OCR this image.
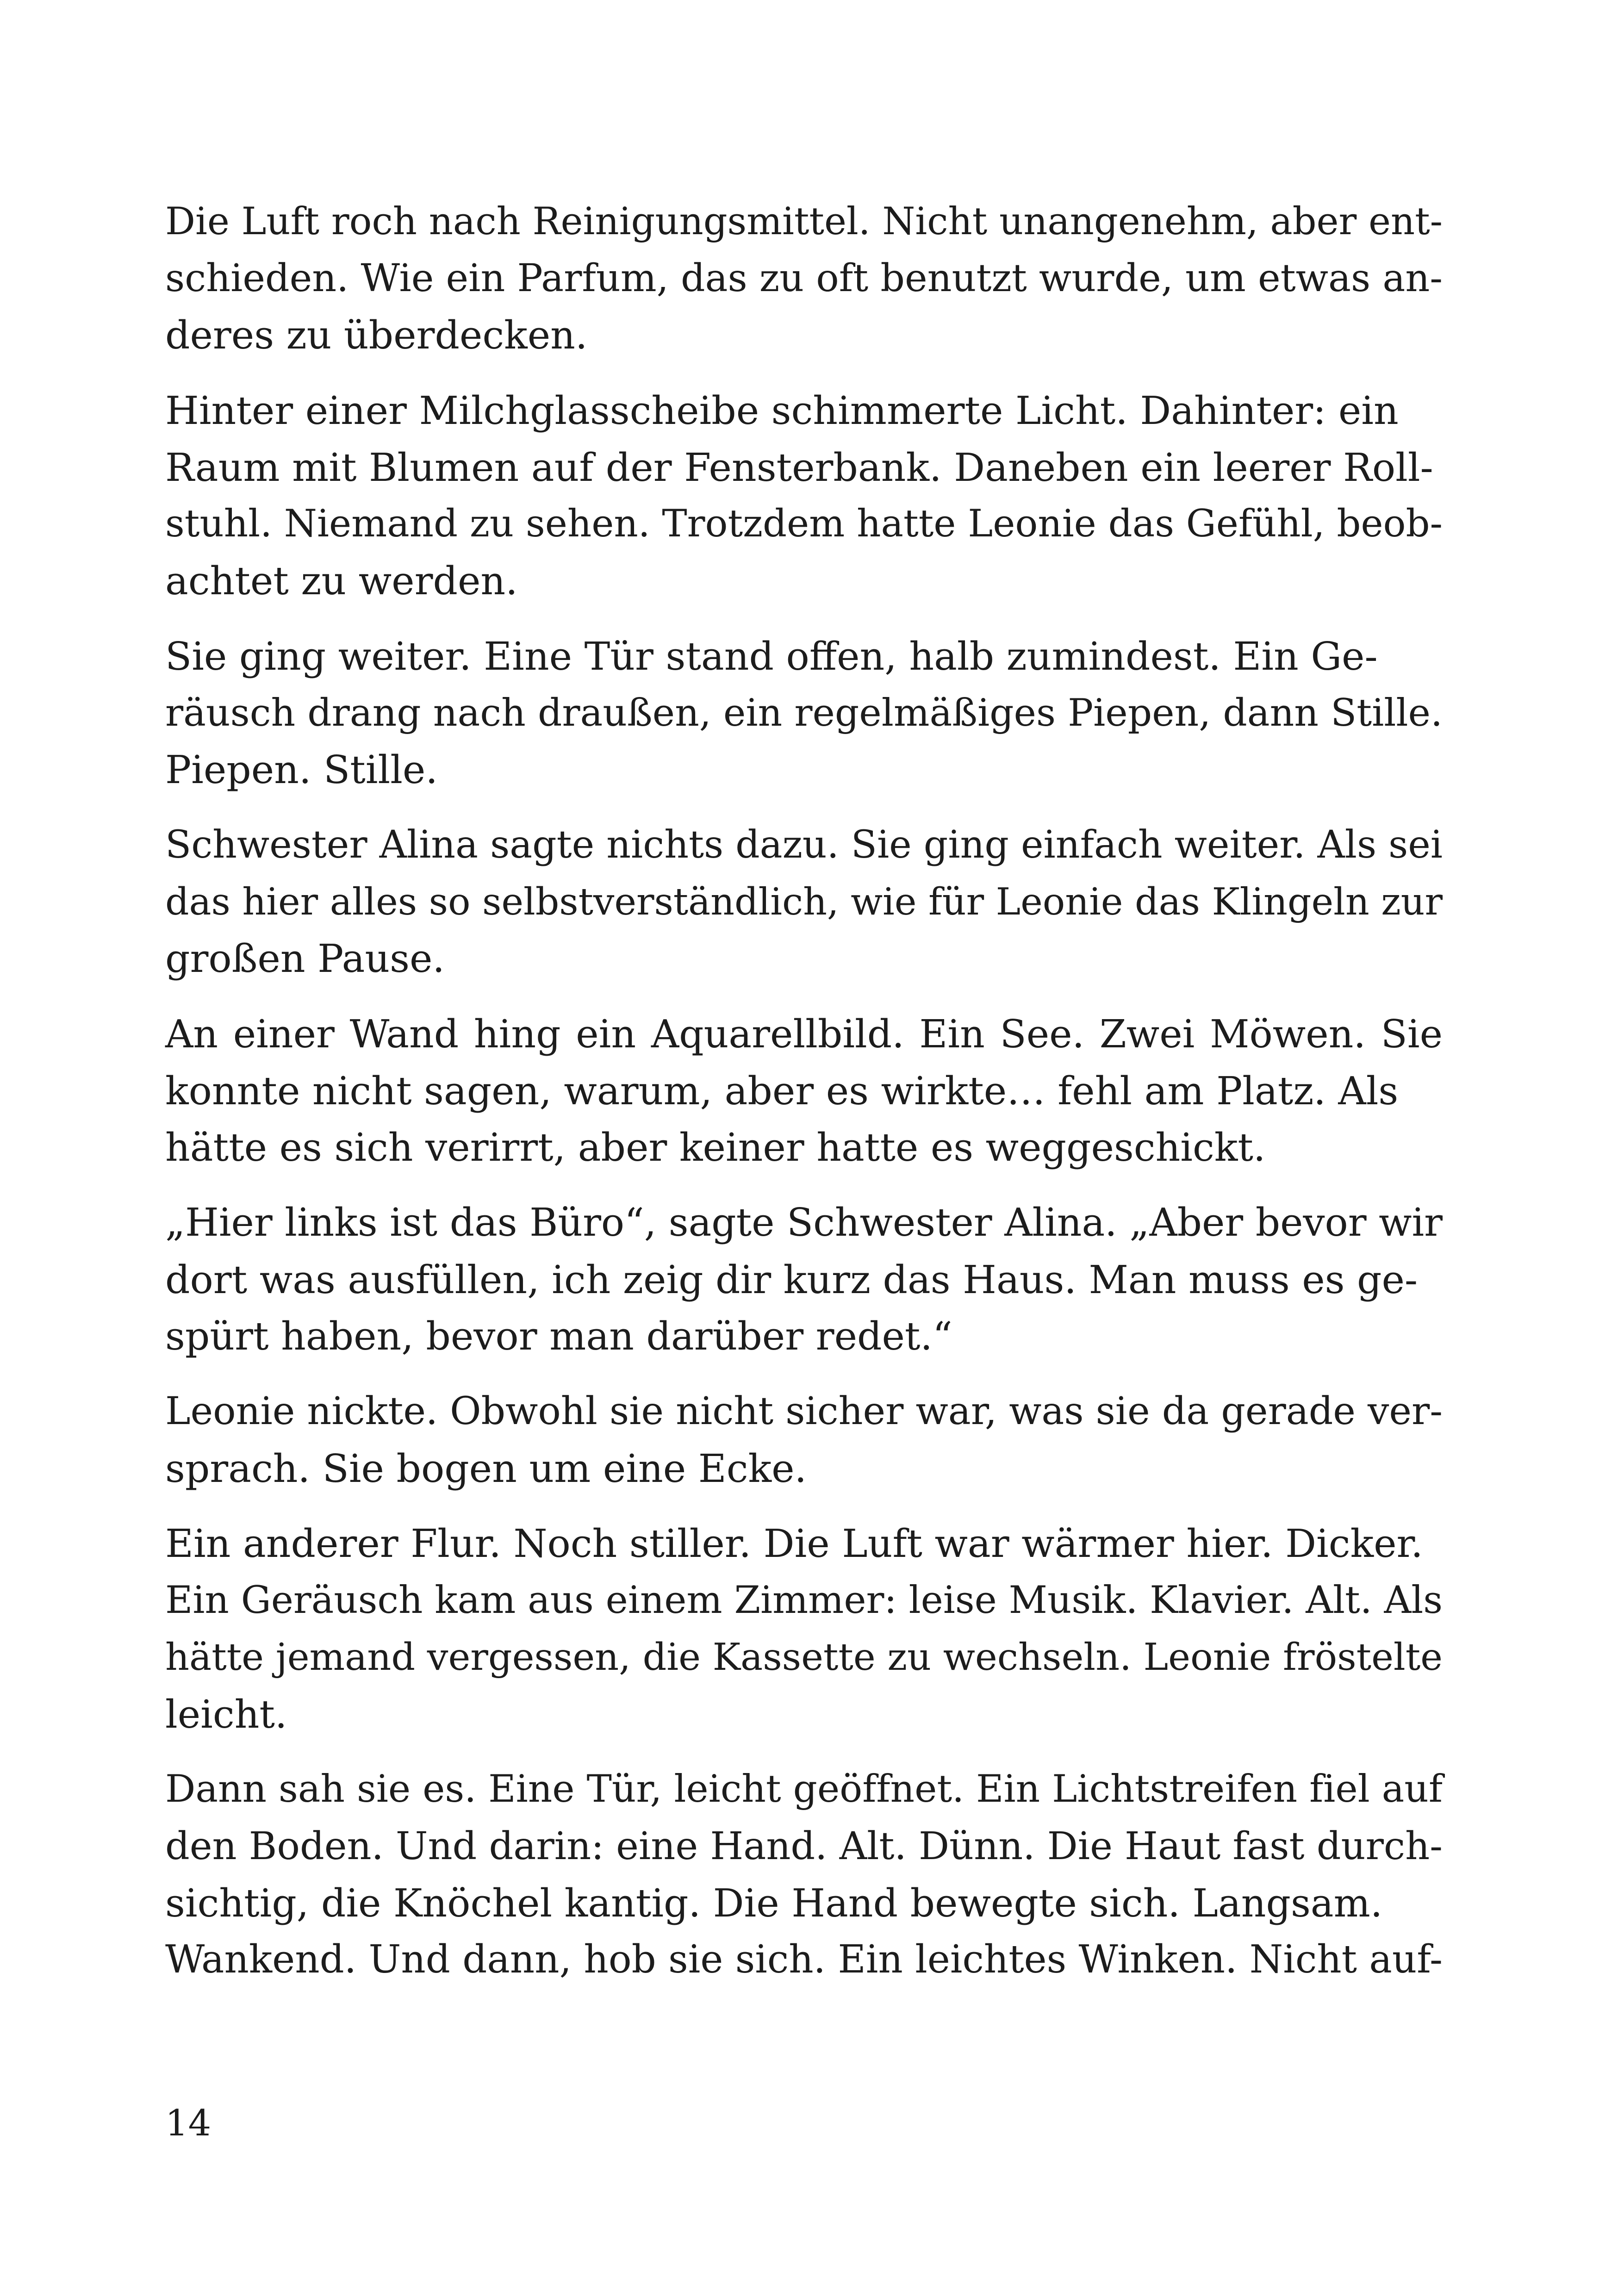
Die Luft roch nach Reinigungsmittel. Nicht unangenehm, aber ent-
schieden. Wie ein Parfum, das zu oft benutzt wurde, um etwas an-
deres zu überdecken.

Hinter einer Milchglasscheibe schimmerte Licht. Dahinter: ein
Raum mit Blumen auf der Fensterbank. Daneben ein leerer Roll-
stuhl. Niemand zu sehen. Trotzdem hatte Leonie das Gefühl, beob-
achtet zu werden.

Sie ging weiter. Eine Tür stand offen, halb zumindest. Ein Ge-
räusch drang nach draußen, ein regelmäßiges Piepen, dann Stille.
Piepen. Stille.

Schwester Alina sagte nichts dazu. Sie ging einfach weiter. Als sei
das hier alles so selbstverständlich, wie für Leonie das Klingeln zur
großen Pause.

An einer Wand hing ein Aquarellbild. Ein See. Zwei Möwen. Sie
konnte nicht sagen, warum, aber es wirkte… fehl am Platz. Als
hätte es sich verirrt, aber keiner hatte es weggeschickt.

„Hier links ist das Büro“, sagte Schwester Alina. „Aber bevor wir
dort was ausfüllen, ich zeig dir kurz das Haus. Man muss es ge-
spürt haben, bevor man darüber redet.“

Leonie nickte. Obwohl sie nicht sicher war, was sie da gerade ver-
sprach. Sie bogen um eine Ecke.

Ein anderer Flur. Noch stiller. Die Luft war wärmer hier. Dicker.
Ein Geräusch kam aus einem Zimmer: leise Musik. Klavier. Alt. Als
hätte jemand vergessen, die Kassette zu wechseln. Leonie fröstelte
leicht.

Dann sah sie es. Eine Tür, leicht geöffnet. Ein Lichtstreifen fiel auf
den Boden. Und darin: eine Hand. Alt. Dünn. Die Haut fast durch-
sichtig, die Knöchel kantig. Die Hand bewegte sich. Langsam.
Wankend. Und dann, hob sie sich. Ein leichtes Winken. Nicht auf-

14
